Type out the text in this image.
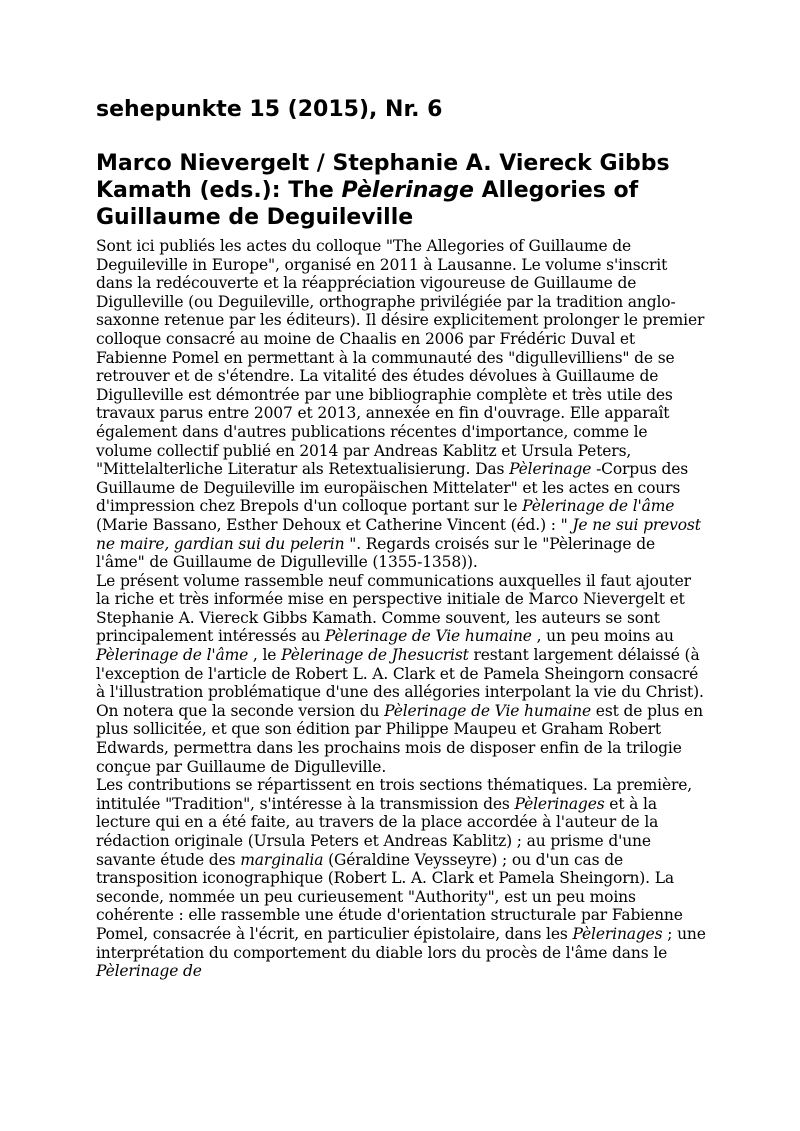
sehepunkte 15 (2015), Nr. 6
Marco Nievergelt / Stephanie A. Viereck Gibbs Kamath (eds.): The Pèlerinage Allegories of Guillaume de Deguileville

Sont ici publiés les actes du colloque "The Allegories of Guillaume de Deguileville in Europe", organisé en 2011 à Lausanne. Le volume s'inscrit dans la redécouverte et la réappréciation vigoureuse de Guillaume de Digulleville (ou Deguileville, orthographe privilégiée par la tradition anglo-saxonne retenue par les éditeurs). Il désire explicitement prolonger le premier colloque consacré au moine de Chaalis en 2006 par Frédéric Duval et Fabienne Pomel en permettant à la communauté des "digullevilliens" de se retrouver et de s'étendre. La vitalité des études dévolues à Guillaume de Digulleville est démontrée par une bibliographie complète et très utile des travaux parus entre 2007 et 2013, annexée en fin d'ouvrage. Elle apparaît également dans d'autres publications récentes d'importance, comme le volume collectif publié en 2014 par Andreas Kablitz et Ursula Peters, "Mittelalterliche Literatur als Retextualisierung. Das Pèlerinage -Corpus des Guillaume de Deguileville im europäischen Mittelater" et les actes en cours d'impression chez Brepols d'un colloque portant sur le Pèlerinage de l'âme (Marie Bassano, Esther Dehoux et Catherine Vincent (éd.) : " Je ne sui prevost ne maire, gardian sui du pelerin ". Regards croisés sur le "Pèlerinage de l'âme" de Guillaume de Digulleville (1355-1358)).

Le présent volume rassemble neuf communications auxquelles il faut ajouter la riche et très informée mise en perspective initiale de Marco Nievergelt et Stephanie A. Viereck Gibbs Kamath. Comme souvent, les auteurs se sont principalement intéressés au Pèlerinage de Vie humaine , un peu moins au Pèlerinage de l'âme , le Pèlerinage de Jhesucrist restant largement délaissé (à l'exception de l'article de Robert L. A. Clark et de Pamela Sheingorn consacré à l'illustration problématique d'une des allégories interpolant la vie du Christ). On notera que la seconde version du Pèlerinage de Vie humaine est de plus en plus sollicitée, et que son édition par Philippe Maupeu et Graham Robert Edwards, permettra dans les prochains mois de disposer enfin de la trilogie conçue par Guillaume de Digulleville.

Les contributions se répartissent en trois sections thématiques. La première, intitulée "Tradition", s'intéresse à la transmission des Pèlerinages et à la lecture qui en a été faite, au travers de la place accordée à l'auteur de la rédaction originale (Ursula Peters et Andreas Kablitz) ; au prisme d'une savante étude des marginalia (Géraldine Veysseyre) ; ou d'un cas de transposition iconographique (Robert L. A. Clark et Pamela Sheingorn). La seconde, nommée un peu curieusement "Authority", est un peu moins cohérente : elle rassemble une étude d'orientation structurale par Fabienne Pomel, consacrée à l'écrit, en particulier épistolaire, dans les Pèlerinages ; une interprétation du comportement du diable lors du procès de l'âme dans le Pèlerinage de
